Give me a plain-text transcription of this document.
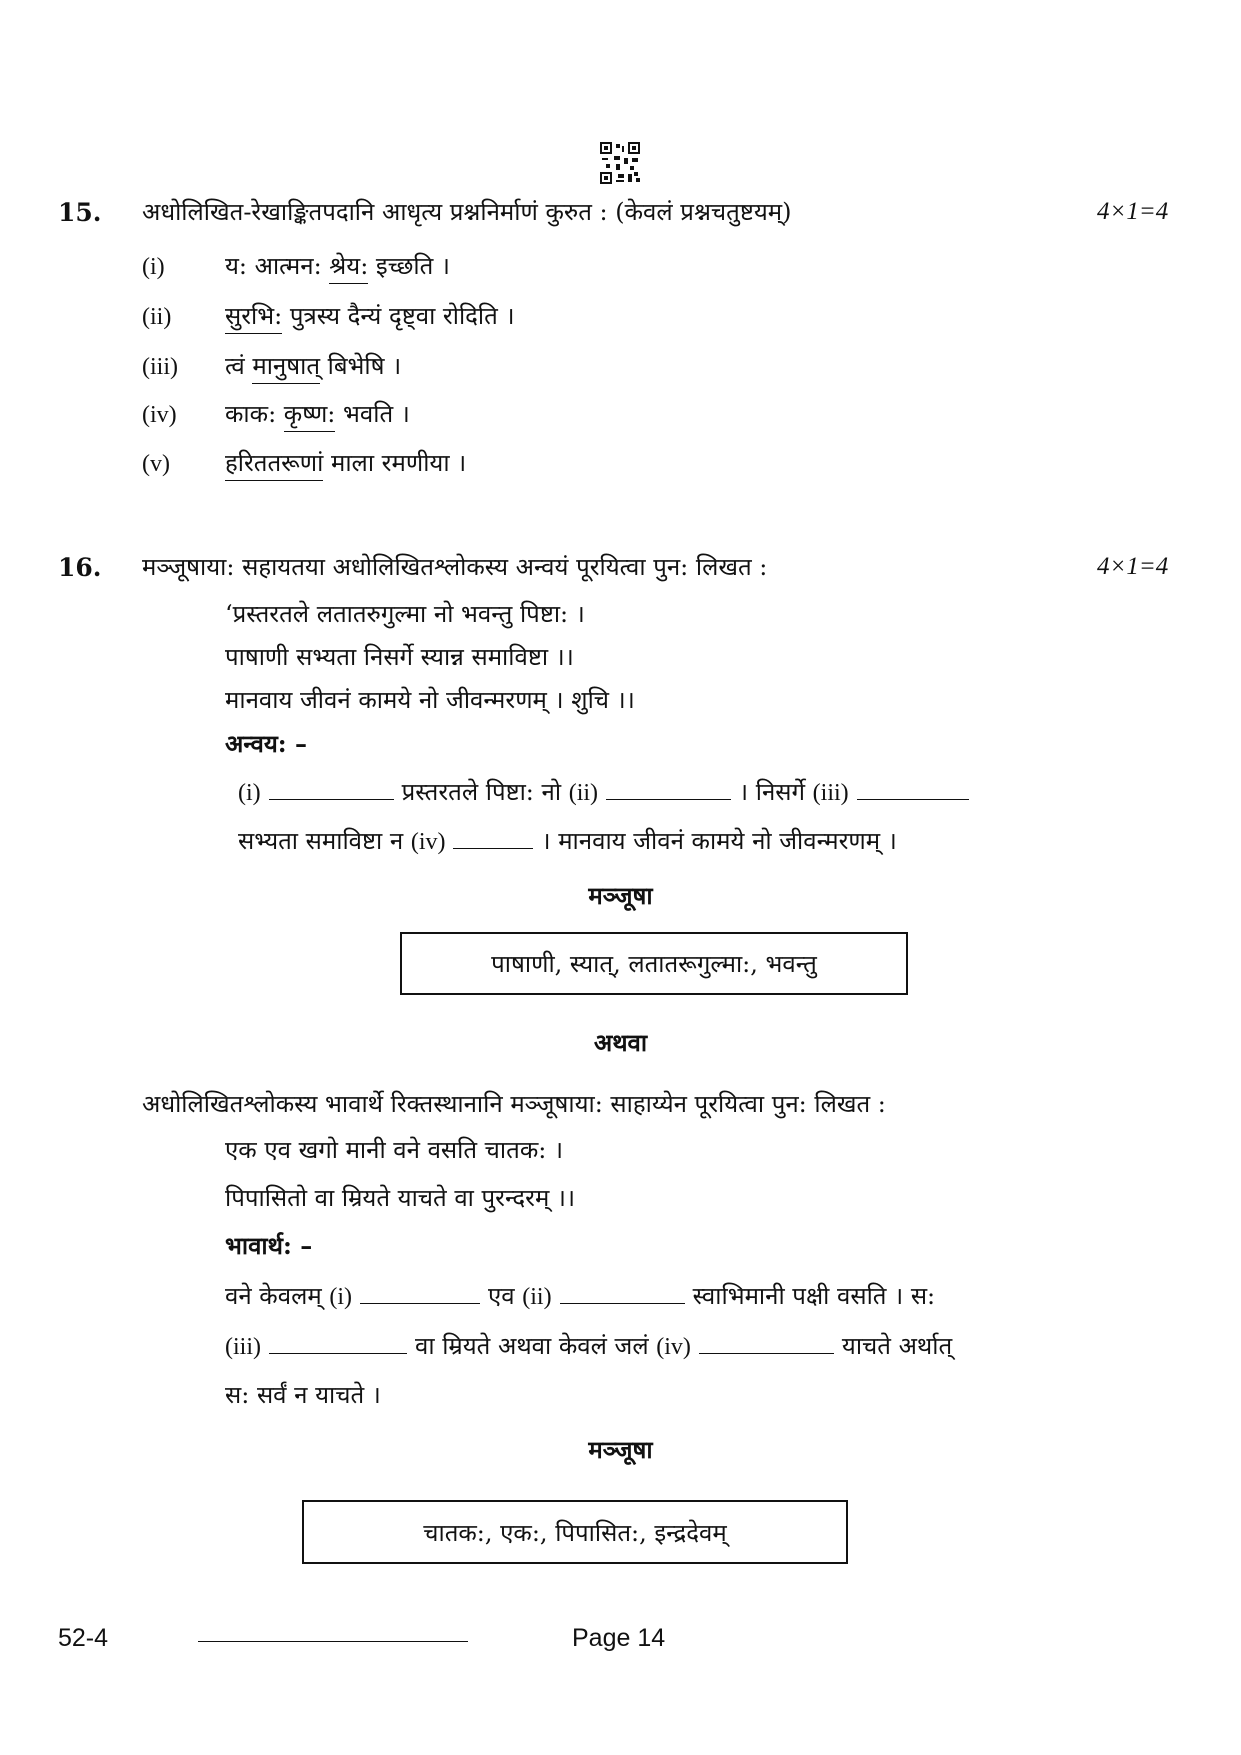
15. अधोलिखित-रेखाङ्कितपदानि आधृत्य प्रश्ननिर्माणं कुरुत : (केवलं प्रश्नचतुष्टयम्)	4×1=4
(i)	य: आत्मन: श्रेय: इच्छति ।
(ii) सुरभि: पुत्रस्य दैन्यं दृष्ट्वा रोदिति ।
(iii) त्वं मानुषात् बिभेषि ।
(iv) काक: कृष्ण: भवति ।
(v) हरिततरूणां माला रमणीया ।
16. मञ्जूषाया: सहायतया अधोलिखितश्लोकस्य अन्वयं पूरयित्वा पुन: लिखत :	4×1=4
‘प्रस्तरतले लतातरुगुल्मा नो भवन्तु पिष्टा: ।
पाषाणी सभ्यता निसर्गे स्यान्न समाविष्टा ।।
मानवाय जीवनं कामये नो जीवन्मरणम् । शुचि ।।
अन्वय: –
(i)	प्रस्तरतले पिष्टा: नो (ii)	। निसर्गे (iii)
सभ्यता समाविष्टा न (iv)	। मानवाय जीवनं कामये नो जीवन्मरणम् ।
मञ्जूषा
पाषाणी, स्यात्, लतातरूगुल्मा:, भवन्तु
अथवा
अधोलिखितश्लोकस्य भावार्थे रिक्तस्थानानि मञ्जूषाया: साहाय्येन पूरयित्वा पुन: लिखत :
एक एव खगो मानी वने वसति चातक: ।
पिपासितो वा म्रियते याचते वा पुरन्दरम् ।।
भावार्थ: –
वने केवलम् (i)	एव (ii)	स्वाभिमानी पक्षी वसति । स:
(iii)	वा म्रियते अथवा केवलं जलं (iv)	याचते अर्थात्
स: सर्वं न याचते ।
मञ्जूषा
चातक:, एक:, पिपासित:, इन्द्रदेवम्
52-4	Page 14
